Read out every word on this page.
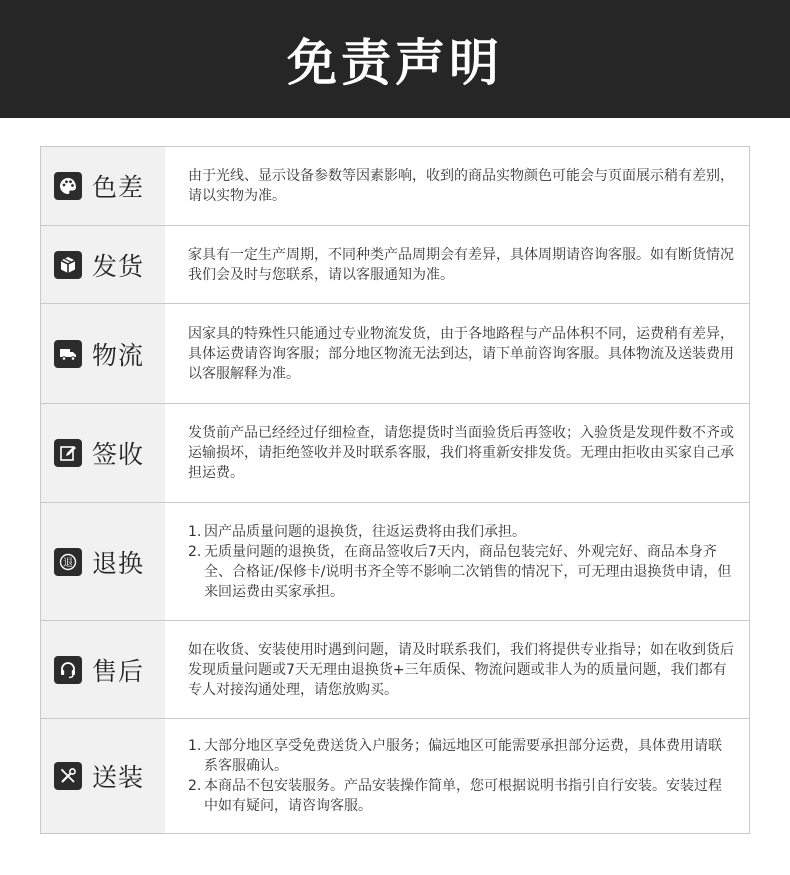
免责声明
色差	由于光线、显示设备参数等因素影响，收到的商品实物颜色可能会与页面展示稍有差别，请以实物为准。

发货	家具有一定生产周期，不同种类产品周期会有差异，具体周期请咨询客服。如有断货情况我们会及时与您联系，请以客服通知为准。

物流

因家具的特殊性只能通过专业物流发货，由于各地路程与产品体积不同，运费稍有差异，具体运费请咨询客服；部分地区物流无法到达，请下单前咨询客服。具体物流及送装费用以客服解释为准。

签收

发货前产品已经经过仔细检查，请您提货时当面验货后再签收；入验货是发现件数不齐或运输损坏，请拒绝签收并及时联系客服，我们将重新安排发货。无理由拒收由买家自己承担运费。

退 退换
1. 因产品质量问题的退换货，往返运费将由我们承担。
2. 无质量问题的退换货，在商品签收后7天内，商品包装完好、外观完好、商品本身齐全、合格证/保修卡/说明书齐全等不影响二次销售的情况下，可无理由退换货申请，但来回运费由买家承担。
售后

如在收货、安装使用时遇到问题，请及时联系我们，我们将提供专业指导；如在收到货后发现质量问题或7天无理由退换货+三年质保、物流问题或非人为的质量问题，我们都有专人对接沟通处理，请您放购买。

送装
1. 大部分地区享受免费送货入户服务；偏远地区可能需要承担部分运费，具体费用请联系客服确认。
2. 本商品不包安装服务。产品安装操作简单，您可根据说明书指引自行安装。安装过程中如有疑问，请咨询客服。
